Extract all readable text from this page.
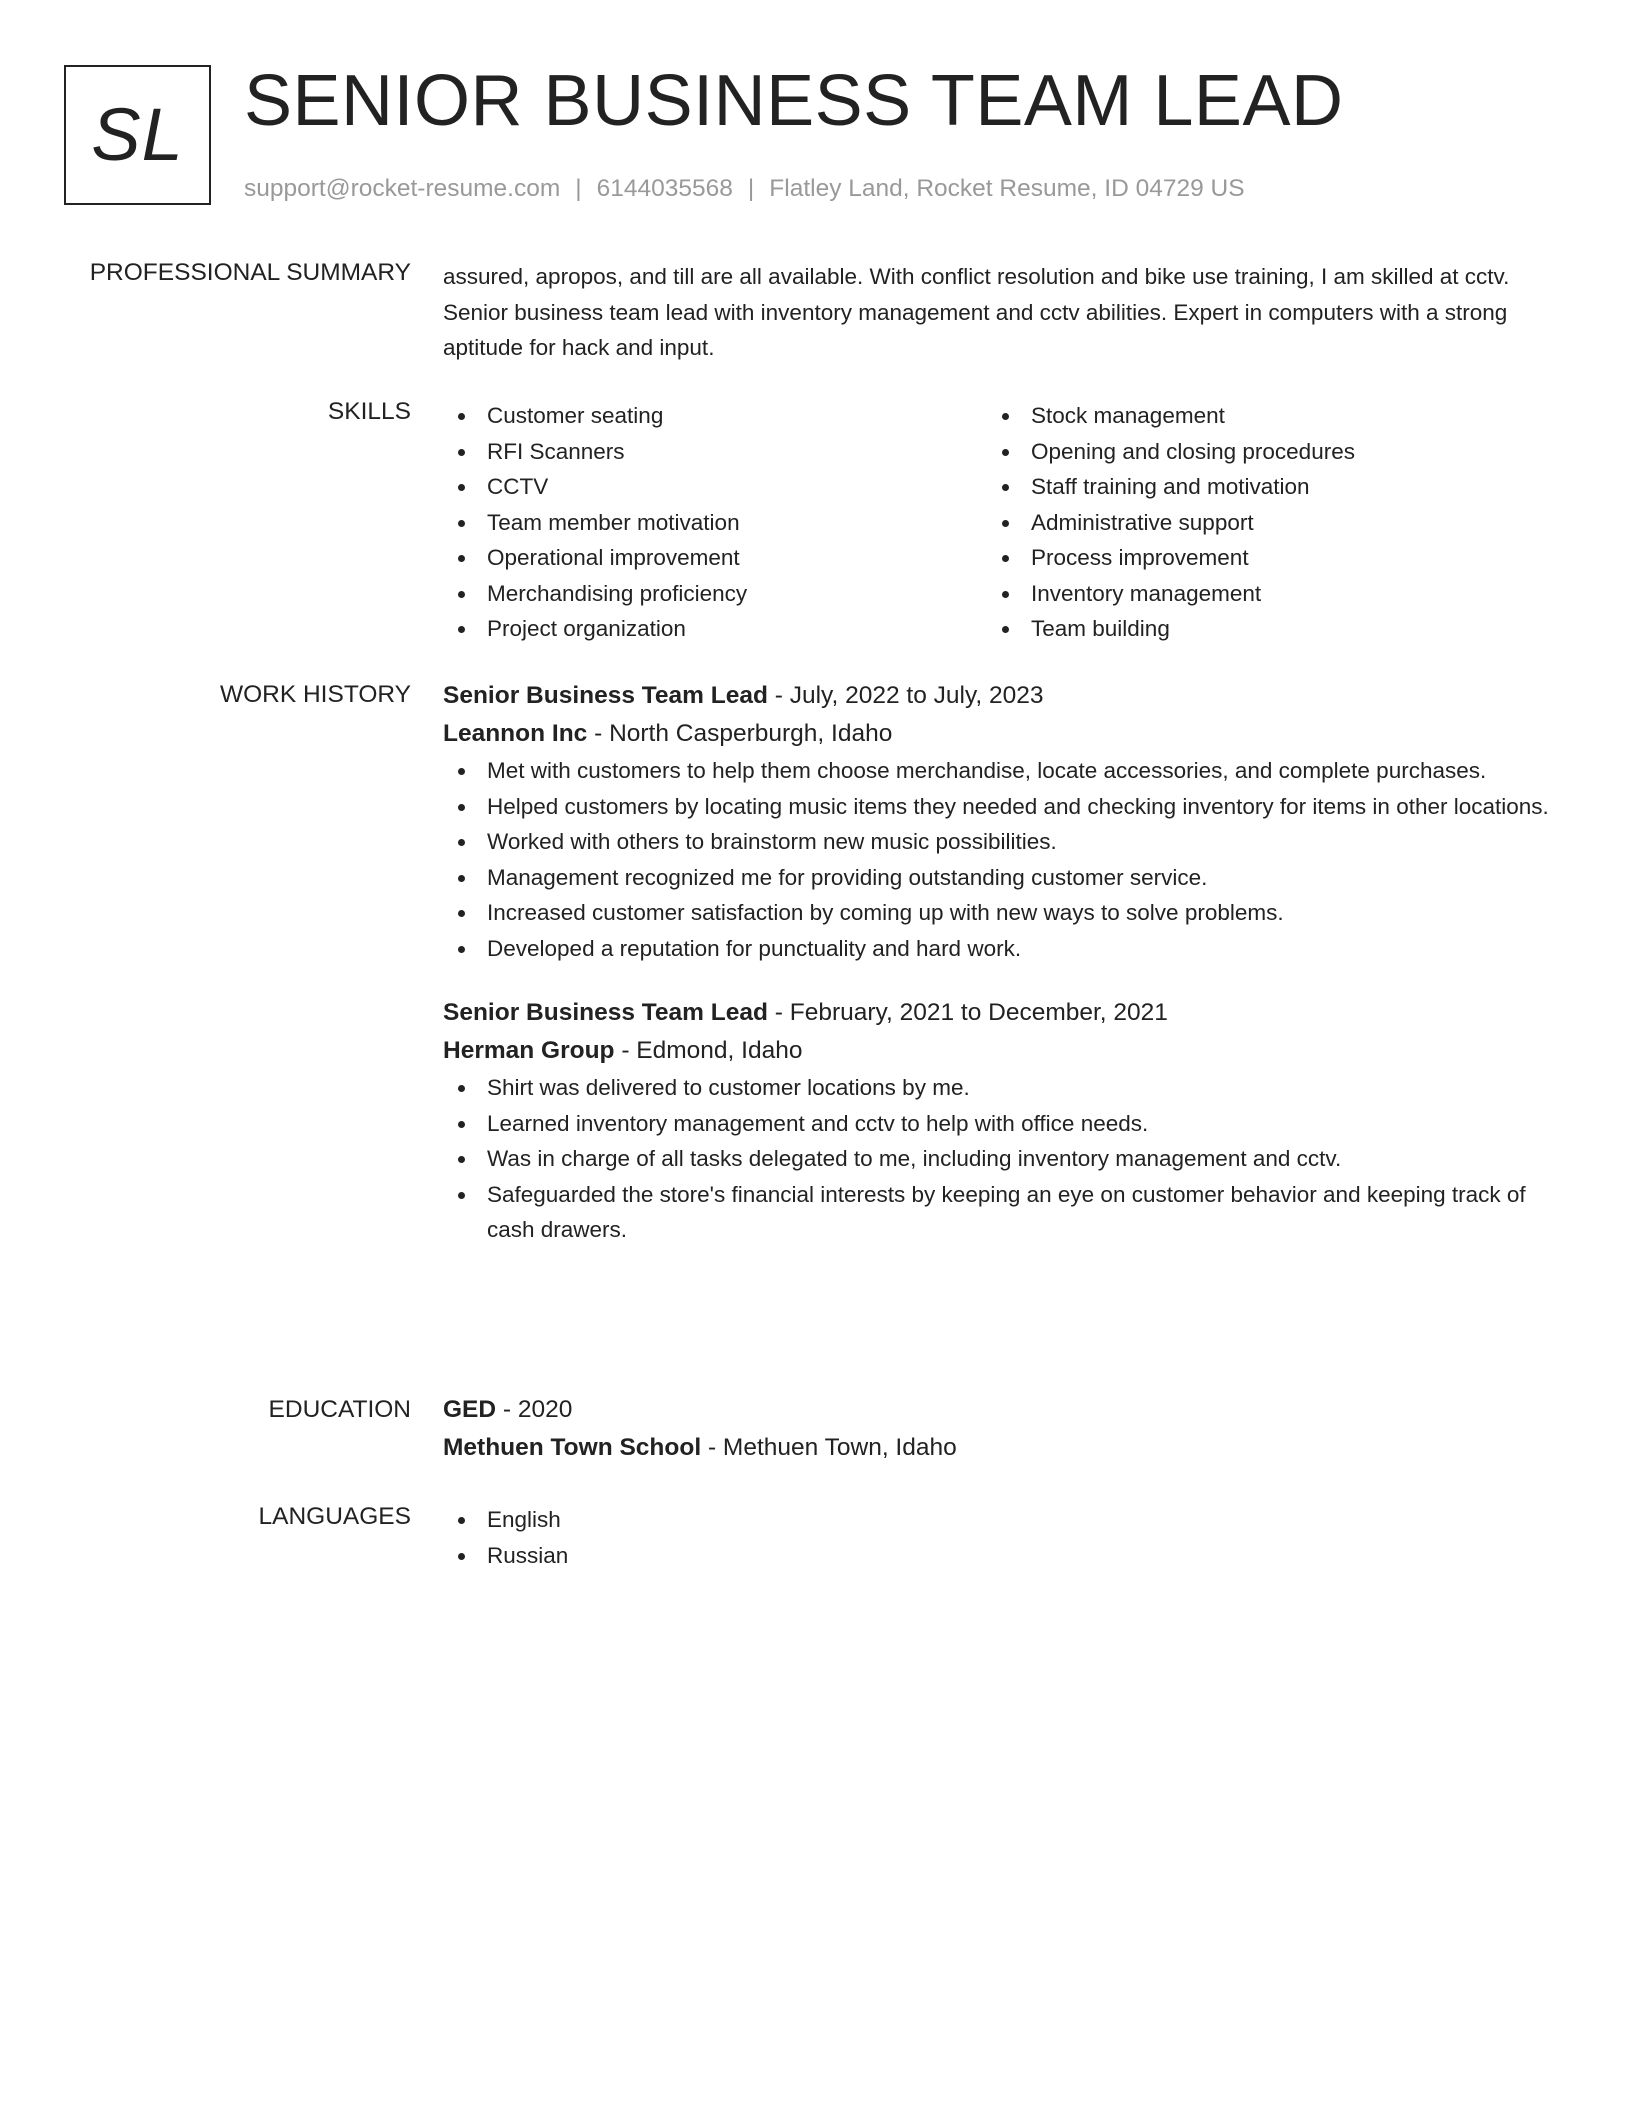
SL SENIOR BUSINESS TEAM LEAD
support@rocket-resume.com | 6144035568 | Flatley Land, Rocket Resume, ID 04729 US
PROFESSIONAL SUMMARY assured, apropos, and till are all available. With conflict resolution and bike use training, I am skilled at cctv. Senior business team lead with inventory management and cctv abilities. Expert in computers with a strong aptitude for hack and input.

SKILLS	Customer seating
RFI Scanners
CCTV
Team member motivation
Operational improvement
Merchandising proficiency
Project organization
Stock management
Opening and closing procedures
Staff training and motivation
Administrative support
Process improvement
Inventory management
Team building
WORK HISTORY Senior Business Team Lead - July, 2022 to July, 2023
Leannon Inc - North Casperburgh, Idaho
Met with customers to help them choose merchandise, locate accessories, and complete purchases.
Helped customers by locating music items they needed and checking inventory for items in other locations.
Worked with others to brainstorm new music possibilities.
Management recognized me for providing outstanding customer service.
Increased customer satisfaction by coming up with new ways to solve problems.
Developed a reputation for punctuality and hard work.
Senior Business Team Lead - February, 2021 to December, 2021
Herman Group - Edmond, Idaho
Shirt was delivered to customer locations by me.
Learned inventory management and cctv to help with office needs.
Was in charge of all tasks delegated to me, including inventory management and cctv.
Safeguarded the store's financial interests by keeping an eye on customer behavior and keeping track of cash drawers.
EDUCATION GED - 2020
Methuen Town School - Methuen Town, Idaho
LANGUAGES	English
Russian
